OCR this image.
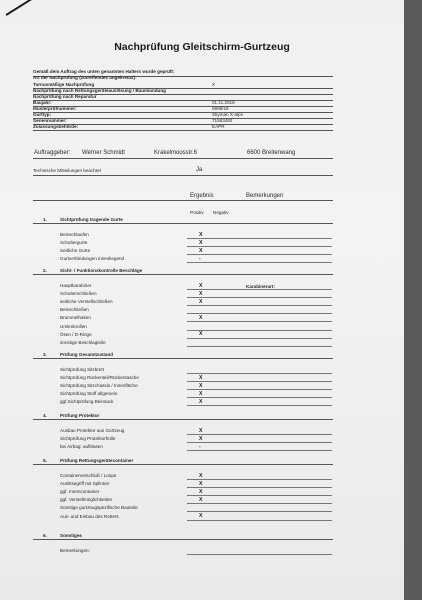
Nachprüfung Gleitschirm-Gurtzeug
Gemäß dem Auftrag des unten genannten Halters wurde geprüft:
Art der Nachprüfung (zutreffendes angekreuzt):
Turnusmäßige Nachprüfung	X
Nachprüfung nach Rettungsgeräteauslösung / Baumlandung
Nachprüfung nach Reparatur
Baujahr:	01.11.2018
Musterprüfnummer:	0898/18
Gurttyp:	Skyman X-alps
Seriennummer:	71563482
Zulassungsbehörde:	EAPR
Auftraggeber: Werner Schmidt	Krakelmoosstr.6	6600 Breitenwang
Technische Mitteilungen beachtet	Ja
Ergebnis	Bemerkungen
Positiv Negativ
1.	Sichtprüfung tragende Gurte
Beinschlaufen	X
Schultergurte	X
Seitliche Gurte	X
Gurtverbindungen innenliegend	-
2.	Sicht- / Funktionskontrolle Beschläge
Karabinerart:
Hauptkarabiner	X
Schulterschließen	X
seitliche Verstellschließen	X
Beinschließen
Brummelhaken	X
Umlenkrollen
Ösen / D-Ringe	X
sonstige Beschlagteile
3.	Prüfung Gesamtzustand
Sichtprüfung Sitzbrett
Sichtprüfung Rückenteil/Rückentasche	X
Sichtprüfung Sitzchassis / Innenfläche	X
Sichtprüfung Stoff allgemein	X
ggf.Sichtprüfung Beinsack	X
4.	Prüfung Protektor
Ausbau Protektor aus Gurtzeug	X
Sichtprüfung Protektorhülle	X
bei Airbag: aufblasen	-
5.	Prüfung Rettungsgerätecontainer
Containerverschluß / Loops	X
Auslösegriff mit Splinten	X
ggf. Innencontainer	X
ggf. Verstellmöglichkeiten	X
Sonstige gurtzeugspezifische Bauteile
Aus- und Einbau des Retters	X
6.	Sonstiges
Bemerkungen:
